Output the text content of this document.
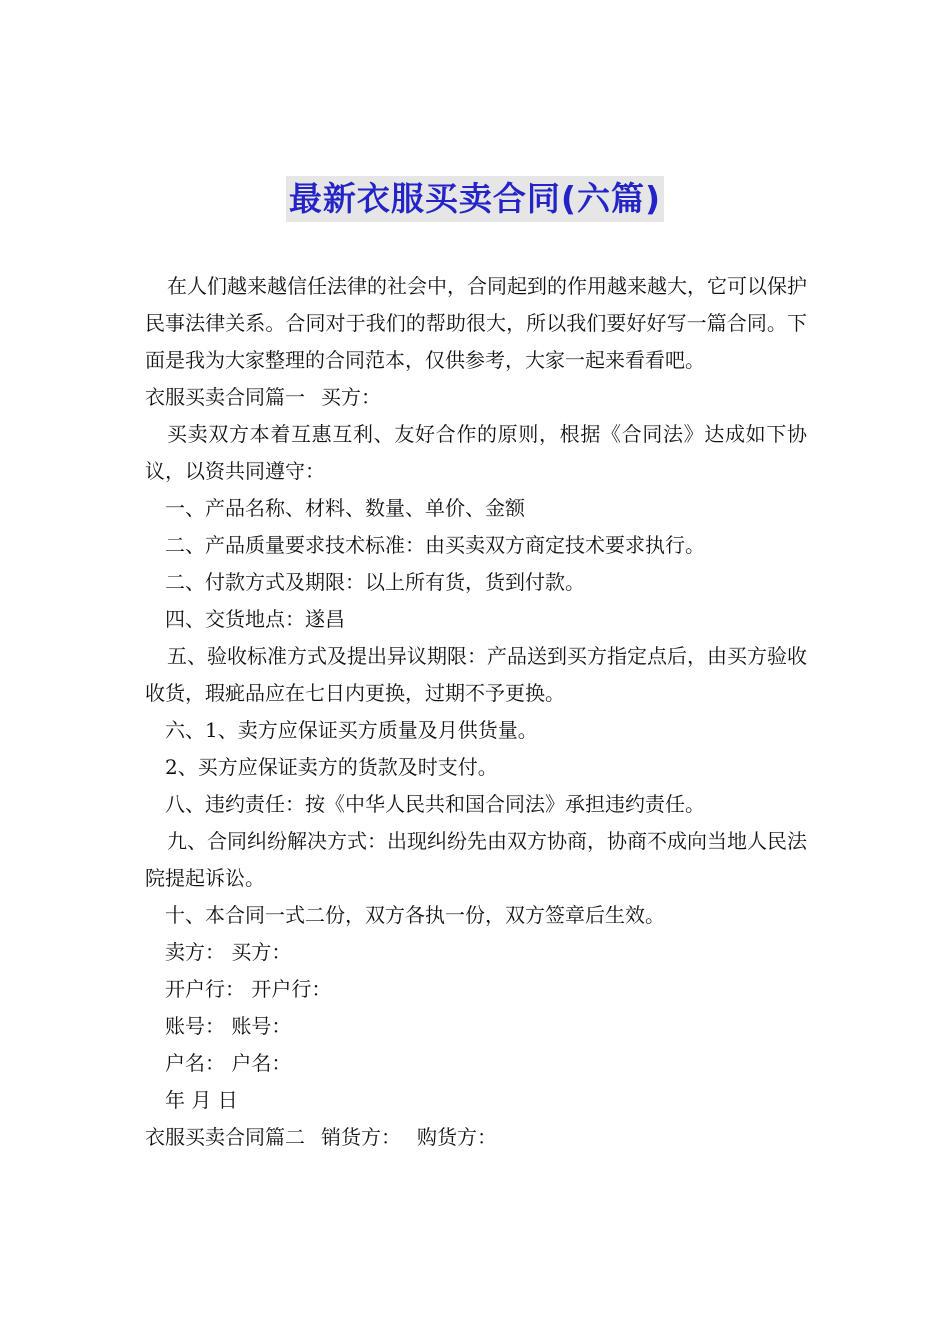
最新衣服买卖合同(六篇)

在人们越来越信任法律的社会中，合同起到的作用越来越大，它可以保护民事法律关系。合同对于我们的帮助很大，所以我们要好好写一篇合同。下面是我为大家整理的合同范本，仅供参考，大家一起来看看吧。

衣服买卖合同篇一 买方：

买卖双方本着互惠互利、友好合作的原则，根据《合同法》达成如下协议，以资共同遵守：

一、产品名称、材料、数量、单价、金额

二、产品质量要求技术标准：由买卖双方商定技术要求执行。

二、付款方式及期限：以上所有货，货到付款。

四、交货地点：遂昌

五、验收标准方式及提出异议期限：产品送到买方指定点后，由买方验收收货，瑕疵品应在七日内更换，过期不予更换。

六、1、卖方应保证买方质量及月供货量。

2、买方应保证卖方的货款及时支付。

八、违约责任：按《中华人民共和国合同法》承担违约责任。

九、合同纠纷解决方式：出现纠纷先由双方协商，协商不成向当地人民法院提起诉讼。

十、本合同一式二份，双方各执一份，双方签章后生效。

卖方： 买方：

开户行： 开户行：

账号： 账号：

户名： 户名：

年 月 日

衣服买卖合同篇二 销货方： 购货方：
